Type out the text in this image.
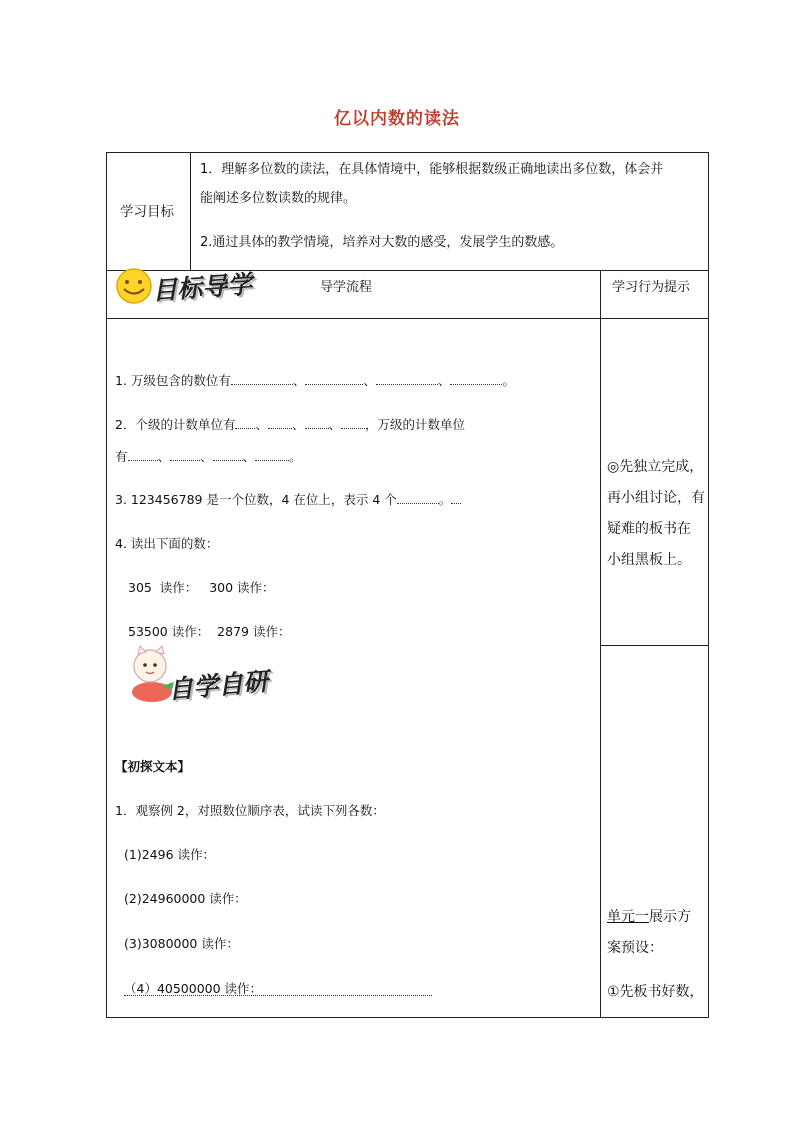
亿以内数的读法
学习目标
1．理解多位数的读法，在具体情境中，能够根据数级正确地读出多位数，体会并
能阐述多位数读数的规律。
2.通过具体的教学情境，培养对大数的感受，发展学生的数感。
目标导学	导学流程	学习行为提示
1. 万级包含的数位有	、	、	、	。
2．个级的计数单位有 、 、 、 ，万级的计数单位
有 、 、 、	。
3. 123456789 是一个位数，4 在位上，表示 4 个	。
4. 读出下面的数：
305  读作：   300 读作：
53500 读作：  2879 读作：
自学自研
【初探文本】
1．观察例 2，对照数位顺序表，试读下列各数：
(1)2496 读作：
(2)24960000 读作：
(3)3080000 读作：
（4）40500000 读作：
◎先独立完成，
再小组讨论，有
疑难的板书在
小组黑板上。
单元一展示方
案预设：
①先板书好数，
